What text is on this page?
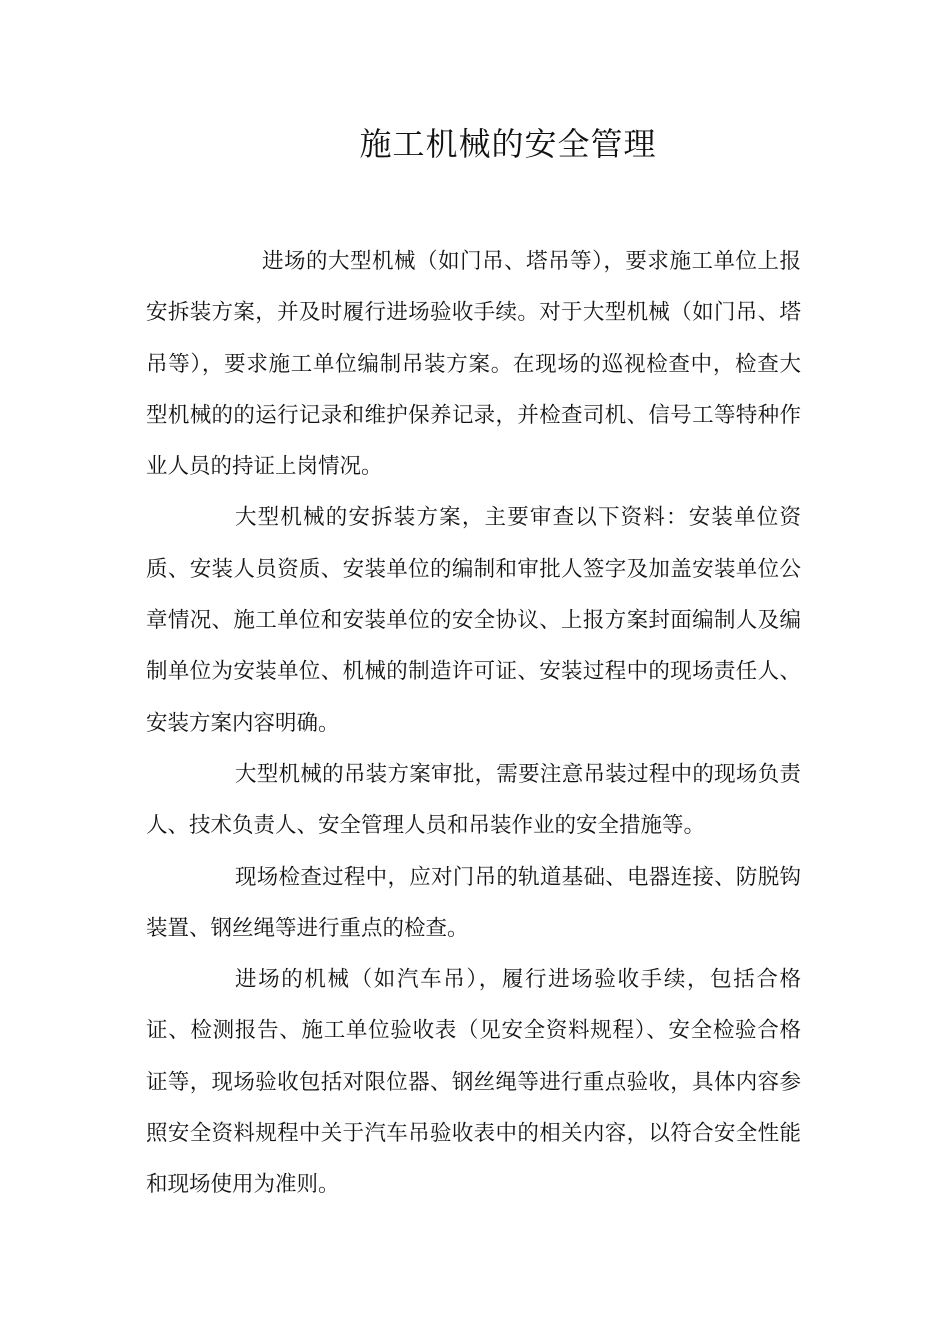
施工机械的安全管理

进场的大型机械（如门吊、塔吊等），要求施工单位上报安拆装方案，并及时履行进场验收手续。对于大型机械（如门吊、塔吊等），要求施工单位编制吊装方案。在现场的巡视检查中，检查大型机械的的运行记录和维护保养记录，并检查司机、信号工等特种作业人员的持证上岗情况。

大型机械的安拆装方案，主要审查以下资料：安装单位资质、安装人员资质、安装单位的编制和审批人签字及加盖安装单位公章情况、施工单位和安装单位的安全协议、上报方案封面编制人及编制单位为安装单位、机械的制造许可证、安装过程中的现场责任人、安装方案内容明确。

大型机械的吊装方案审批，需要注意吊装过程中的现场负责人、技术负责人、安全管理人员和吊装作业的安全措施等。

现场检查过程中，应对门吊的轨道基础、电器连接、防脱钩装置、钢丝绳等进行重点的检查。

进场的机械（如汽车吊），履行进场验收手续，包括合格证、检测报告、施工单位验收表（见安全资料规程）、安全检验合格证等，现场验收包括对限位器、钢丝绳等进行重点验收，具体内容参照安全资料规程中关于汽车吊验收表中的相关内容，以符合安全性能和现场使用为准则。
